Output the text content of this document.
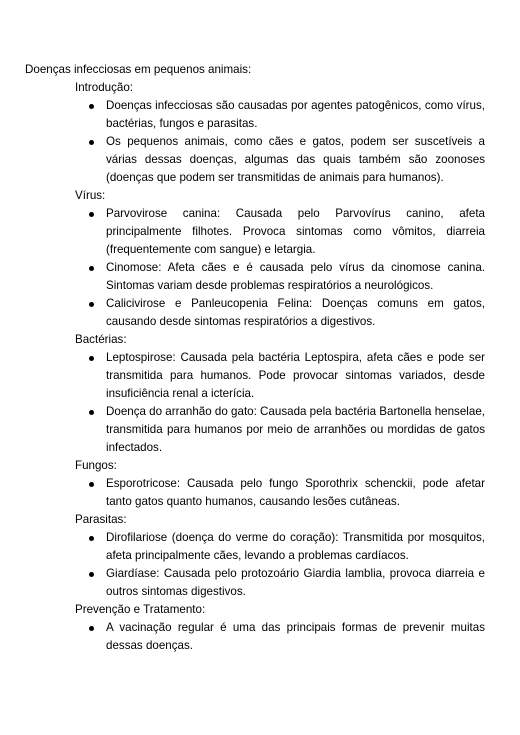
Doenças infecciosas em pequenos animais:

Introdução:

Doenças infecciosas são causadas por agentes patogênicos, como vírus, bactérias, fungos e parasitas.
Os pequenos animais, como cães e gatos, podem ser suscetíveis a várias dessas doenças, algumas das quais também são zoonoses (doenças que podem ser transmitidas de animais para humanos).

Vírus:

Parvovirose canina: Causada pelo Parvovírus canino, afeta principalmente filhotes. Provoca sintomas como vômitos, diarreia (frequentemente com sangue) e letargia.
Cinomose: Afeta cães e é causada pelo vírus da cinomose canina. Sintomas variam desde problemas respiratórios a neurológicos.
Calicivirose e Panleucopenia Felina: Doenças comuns em gatos, causando desde sintomas respiratórios a digestivos.

Bactérias:

Leptospirose: Causada pela bactéria Leptospira, afeta cães e pode ser transmitida para humanos. Pode provocar sintomas variados, desde insuficiência renal a icterícia.
Doença do arranhão do gato: Causada pela bactéria Bartonella henselae, transmitida para humanos por meio de arranhões ou mordidas de gatos infectados.

Fungos:

Esporotricose: Causada pelo fungo Sporothrix schenckii, pode afetar tanto gatos quanto humanos, causando lesões cutâneas.

Parasitas:

Dirofilariose (doença do verme do coração): Transmitida por mosquitos, afeta principalmente cães, levando a problemas cardíacos.
Giardíase: Causada pelo protozoário Giardia lamblia, provoca diarreia e outros sintomas digestivos.

Prevenção e Tratamento:

A vacinação regular é uma das principais formas de prevenir muitas dessas doenças.
